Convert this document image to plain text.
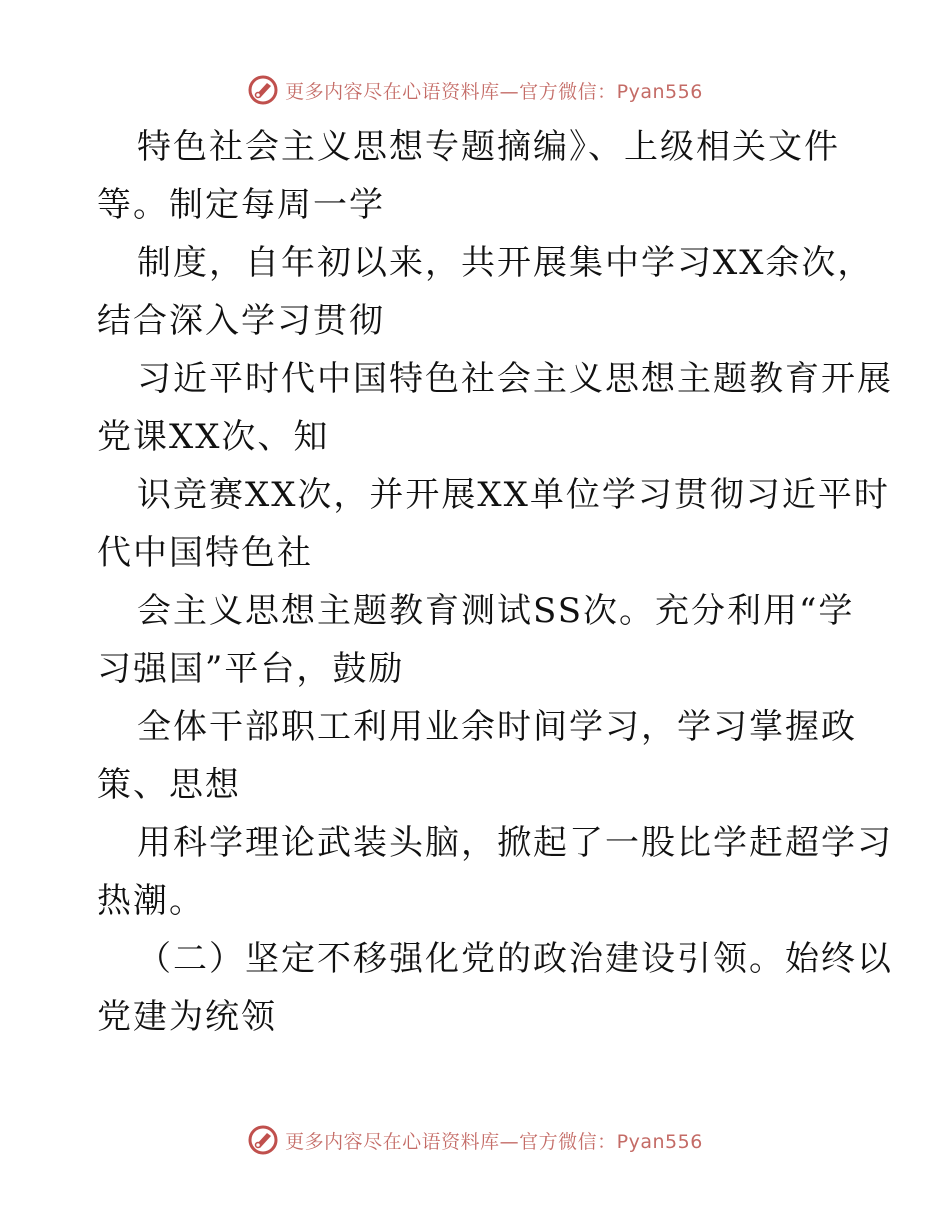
更多内容尽在心语资料库—官方微信：Pyan556
特色社会主义思想专题摘编》、上级相关文件
等。制定每周一学
制度，自年初以来，共开展集中学习XX余次，
结合深入学习贯彻
习近平时代中国特色社会主义思想主题教育开展
党课XX次、知
识竞赛XX次，并开展XX单位学习贯彻习近平时
代中国特色社
会主义思想主题教育测试SS次。充分利用“学
习强国”平台，鼓励
全体干部职工利用业余时间学习，学习掌握政
策、思想
用科学理论武装头脑，掀起了一股比学赶超学习
热潮。
（二）坚定不移强化党的政治建设引领。始终以
党建为统领
更多内容尽在心语资料库—官方微信：Pyan556
